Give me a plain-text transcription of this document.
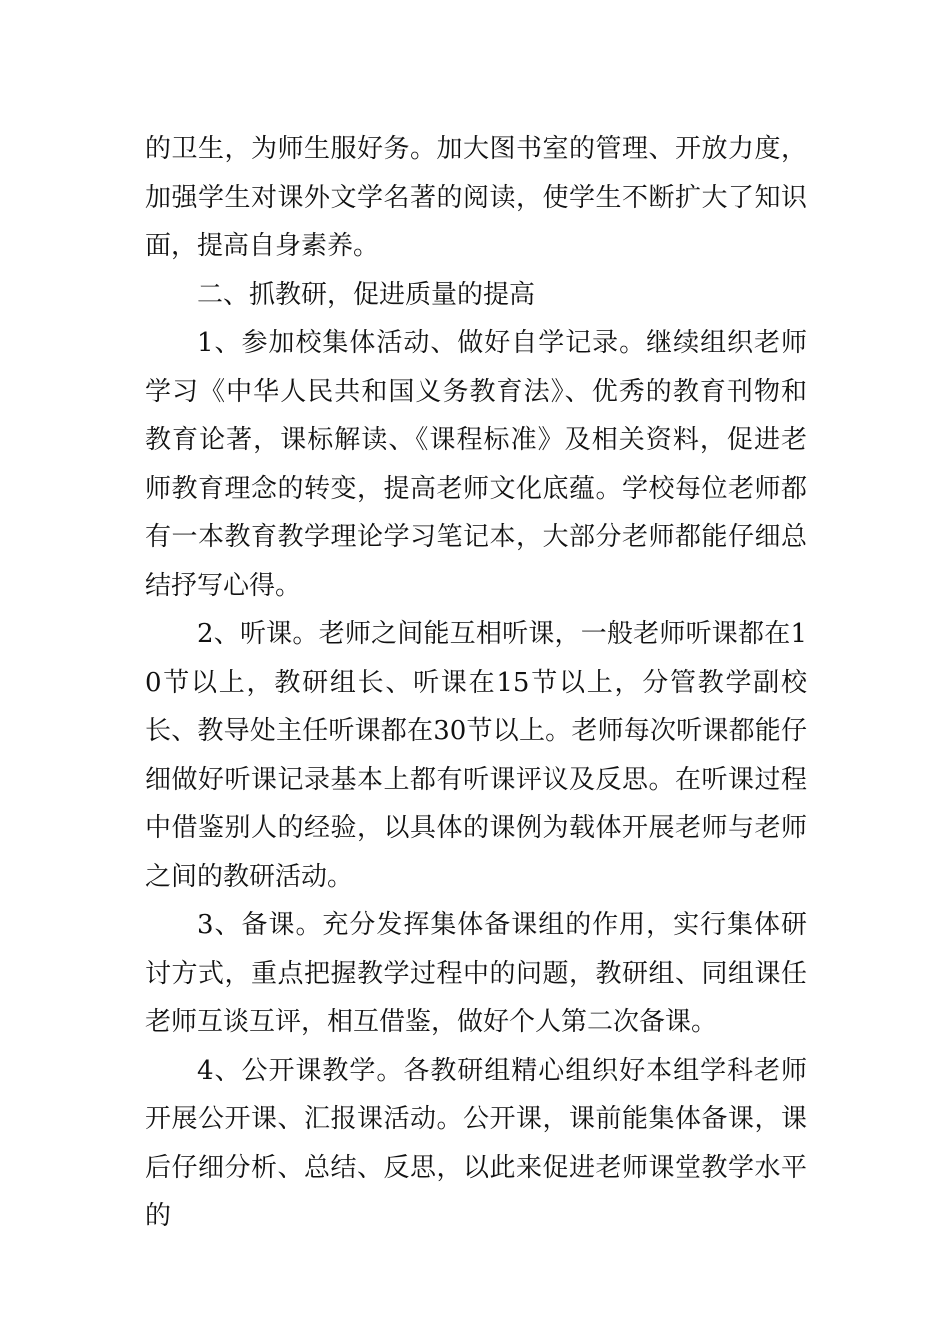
的卫生，为师生服好务。加大图书室的管理、开放力度，加强学生对课外文学名著的阅读，使学生不断扩大了知识面，提高自身素养。

二、抓教研，促进质量的提高

1、参加校集体活动、做好自学记录。继续组织老师学习《中华人民共和国义务教育法》、优秀的教育刊物和教育论著，课标解读、《课程标准》及相关资料，促进老师教育理念的转变，提高老师文化底蕴。学校每位老师都有一本教育教学理论学习笔记本，大部分老师都能仔细总结抒写心得。

2、听课。老师之间能互相听课，一般老师听课都在10节以上，教研组长、听课在15节以上，分管教学副校长、教导处主任听课都在30节以上。老师每次听课都能仔细做好听课记录基本上都有听课评议及反思。在听课过程中借鉴别人的经验，以具体的课例为载体开展老师与老师之间的教研活动。

3、备课。充分发挥集体备课组的作用，实行集体研讨方式，重点把握教学过程中的问题，教研组、同组课任老师互谈互评，相互借鉴，做好个人第二次备课。

4、公开课教学。各教研组精心组织好本组学科老师开展公开课、汇报课活动。公开课，课前能集体备课，课后仔细分析、总结、反思，以此来促进老师课堂教学水平的
